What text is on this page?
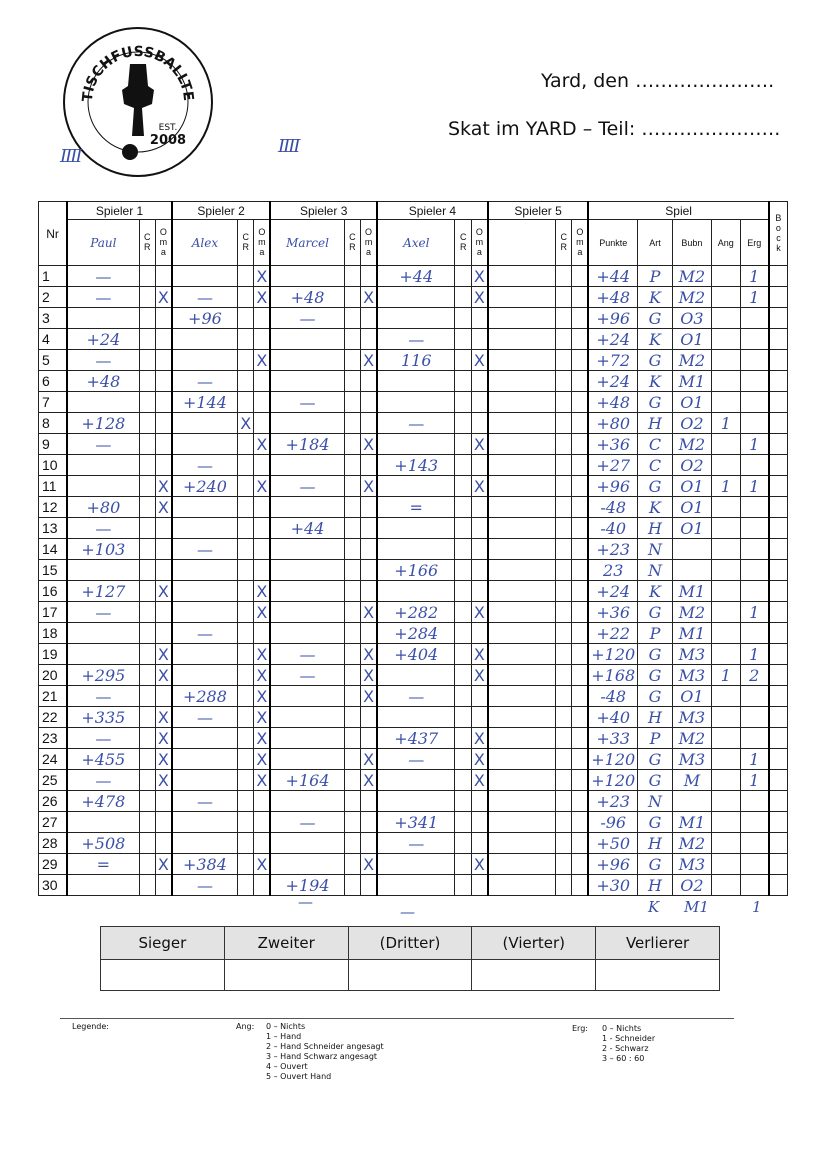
TISCHFUSSBALLTE
EST.
2008
IIII	IIII
Yard, den ………………….
Skat im YARD – Teil: ………………….
Nr	Spieler 1			Spieler 2			Spieler 3			Spieler 4			Spieler 5			Spiel					B o c k
	Paul	C R	O m a	Alex	C R	O m a	Marcel	C R	O m a	Axel	C R	O m a		C R	O m a	Punkte	Art	Bubn	Ang	Erg	
1	—					X				+44		X				+44	P	M2		1	
2	—		X	—		X	+48		X			X				+48	K	M2		1	
3				+96			—									+96	G	O3			
4	+24									—						+24	K	O1			
5	—					X			X	116		X				+72	G	M2			
6	+48			—												+24	K	M1			
7				+144			—									+48	G	O1			
8	+128				X					—						+80	H	O2	1		
9	—					X	+184		X			X				+36	C	M2		1	
10				—						+143						+27	C	O2			
11			X	+240		X	—		X			X				+96	G	O1	1	1	
12	+80		X							=						-48	K	O1			
13	—						+44									-40	H	O1			
14	+103			—												+23	N				
15										+166						23	N				
16	+127		X			X										+24	K	M1			
17	—					X			X	+282		X				+36	G	M2		1	
18				—						+284						+22	P	M1			
19			X			X	—		X	+404		X				+120	G	M3		1	
20	+295		X			X	—		X			X				+168	G	M3	1	2	
21	—			+288		X			X	—						-48	G	O1			
22	+335		X	—		X										+40	H	M3			
23	—		X			X				+437		X				+33	P	M2			
24	+455		X			X			X	—		X				+120	G	M3		1	
25	—		X			X	+164		X			X				+120	G	M		1	
26	+478			—												+23	N				
27							—			+341						-96	G	M1			
28	+508									—						+50	H	M2			
29	=		X	+384		X			X			X				+96	G	M3			
30				—			+194									+30	H	O2			
—
—	K M1	1
Sieger	Zweiter	(Dritter)	(Vierter)	Verlierer

Legende:	Ang: 0 – Nichts
1 – Hand
2 – Hand Schneider angesagt
3 – Hand Schwarz angesagt
4 – Ouvert
5 – Ouvert Hand
Erg: 0 – Nichts
1 - Schneider
2 - Schwarz
3 – 60 : 60
